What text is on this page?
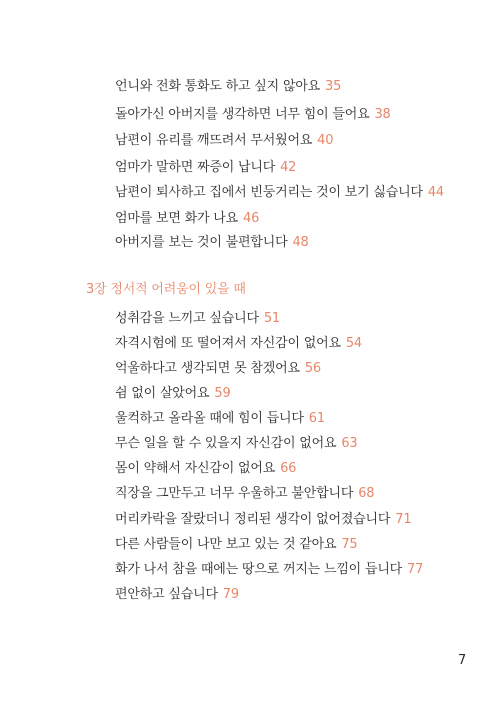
언니와 전화 통화도 하고 싶지 않아요 35
돌아가신 아버지를 생각하면 너무 힘이 들어요 38
남편이 유리를 깨뜨려서 무서웠어요 40
엄마가 말하면 짜증이 납니다 42
남편이 퇴사하고 집에서 빈둥거리는 것이 보기 싫습니다 44
엄마를 보면 화가 나요 46
아버지를 보는 것이 불편합니다 48
3장 정서적 어려움이 있을 때
성취감을 느끼고 싶습니다 51
자격시험에 또 떨어져서 자신감이 없어요 54
억울하다고 생각되면 못 참겠어요 56
쉼 없이 살았어요 59
울컥하고 올라올 때에 힘이 듭니다 61
무슨 일을 할 수 있을지 자신감이 없어요 63
몸이 약해서 자신감이 없어요 66
직장을 그만두고 너무 우울하고 불안합니다 68
머리카락을 잘랐더니 정리된 생각이 없어졌습니다 71
다른 사람들이 나만 보고 있는 것 같아요 75
화가 나서 참을 때에는 땅으로 꺼지는 느낌이 듭니다 77
편안하고 싶습니다 79
7
